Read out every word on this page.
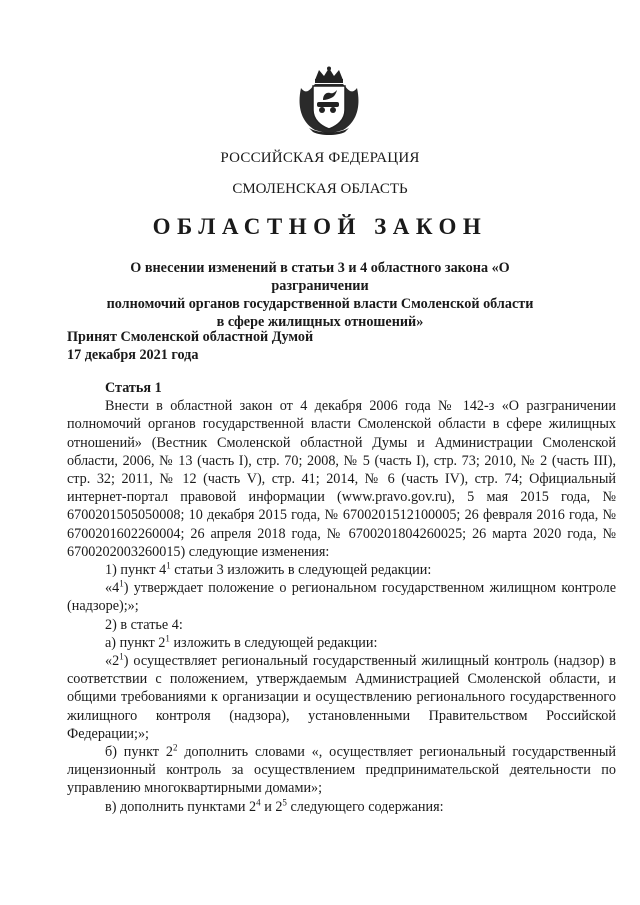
РОССИЙСКАЯ ФЕДЕРАЦИЯ
СМОЛЕНСКАЯ ОБЛАСТЬ
ОБЛАСТНОЙ ЗАКОН
О внесении изменений в статьи 3 и 4 областного закона «О разграничении
полномочий органов государственной власти Смоленской области
в сфере жилищных отношений»
Принят Смоленской областной Думой
17 декабря 2021 года
Статья 1
Внести в областной закон от 4 декабря 2006 года № 142-з «О разграничении полномочий органов государственной власти Смоленской области в сфере жилищных отношений» (Вестник Смоленской областной Думы и Администрации Смоленской области, 2006, № 13 (часть I), стр. 70; 2008, № 5 (часть I), стр. 73; 2010, № 2 (часть III), стр. 32; 2011, № 12 (часть V), стр. 41; 2014, № 6 (часть IV), стр. 74; Официальный интернет-портал правовой информации (www.pravo.gov.ru), 5 мая 2015 года, № 6700201505050008; 10 декабря 2015 года, № 6700201512100005; 26 февраля 2016 года, № 6700201602260004; 26 апреля 2018 года, № 6700201804260025; 26 марта 2020 года, № 6700202003260015) следующие изменения:
1) пункт $4^1$ статьи 3 изложить в следующей редакции:
«$4^1$) утверждает положение о региональном государственном жилищном контроле (надзоре);»;
2) в статье 4:
а) пункт $2^1$ изложить в следующей редакции:
«$2^1$) осуществляет региональный государственный жилищный контроль (надзор) в соответствии с положением, утверждаемым Администрацией Смоленской области, и общими требованиями к организации и осуществлению регионального государственного жилищного контроля (надзора), установленными Правительством Российской Федерации;»;
б) пункт $2^2$ дополнить словами «, осуществляет региональный государственный лицензионный контроль за осуществлением предпринимательской деятельности по управлению многоквартирными домами»;
в) дополнить пунктами $2^4$ и $2^5$ следующего содержания:
